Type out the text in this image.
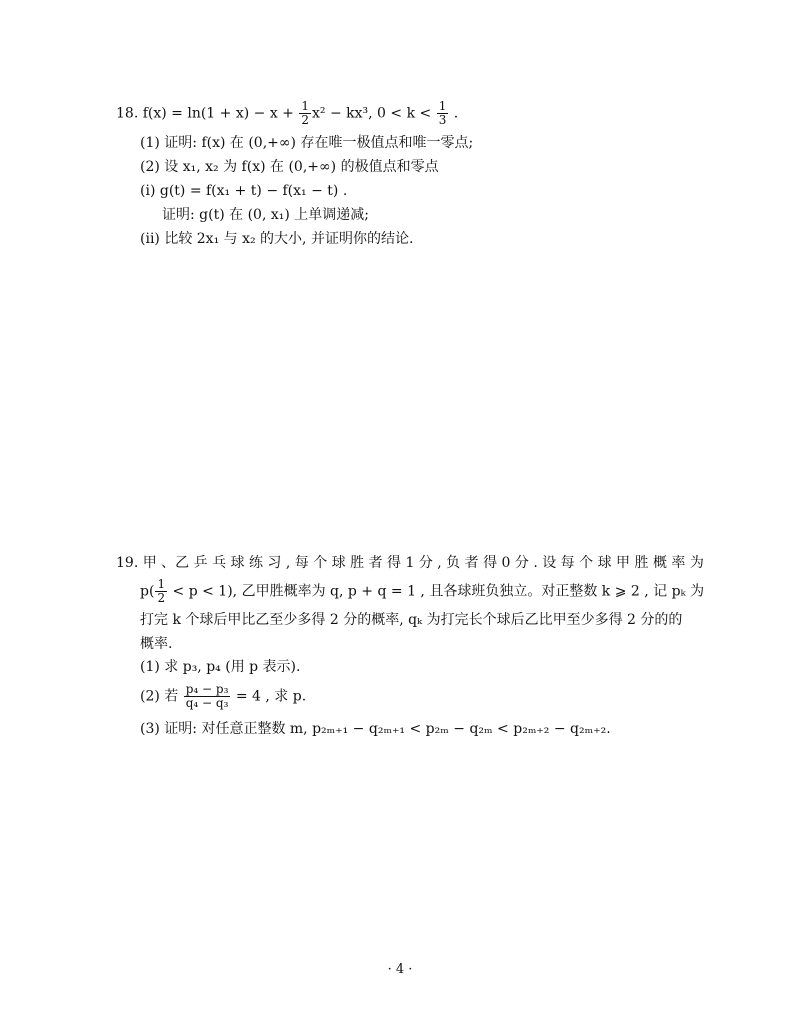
18. $f(x) = \ln(1 + x) - x + \frac{1}{2} x^2 - kx^3$, $0 < k < \frac{1}{3}$ .
(1) 证明: f(x) 在 (0,+∞) 存在唯一极值点和唯一零点;
(2) 设 x₁, x₂ 为 f(x) 在 (0,+∞) 的极值点和零点
(i) g(t) = f(x₁ + t) − f(x₁ − t) .
证明: g(t) 在 (0, x₁) 上单调递减;
(ii) 比较 2x₁ 与 x₂ 的大小, 并证明你的结论.
19. 甲 、乙 乒 乓 球 练 习 , 每 个 球 胜 者 得 1 分 , 负 者 得 0 分 . 设 每 个 球 甲 胜 概 率 为
$p( \frac{1}{2} < p < 1)$, 乙甲胜概率为 q, p + q = 1 , 且各球班负独立。对正整数 k ⩾ 2 , 记 pₖ 为
打完 k 个球后甲比乙至少多得 2 分的概率, qₖ 为打完长个球后乙比甲至少多得 2 分的的
概率.
(1) 求 p₃, p₄ (用 p 表示).
(2) 若 $\frac{\text{p₄ − p₃}}{\text{q₄ − q₃}} = 4$ , 求 p.
(3) 证明: 对任意正整数 m, p₂ₘ₊₁ − q₂ₘ₊₁ < p₂ₘ − q₂ₘ < p₂ₘ₊₂ − q₂ₘ₊₂.
· 4 ·
